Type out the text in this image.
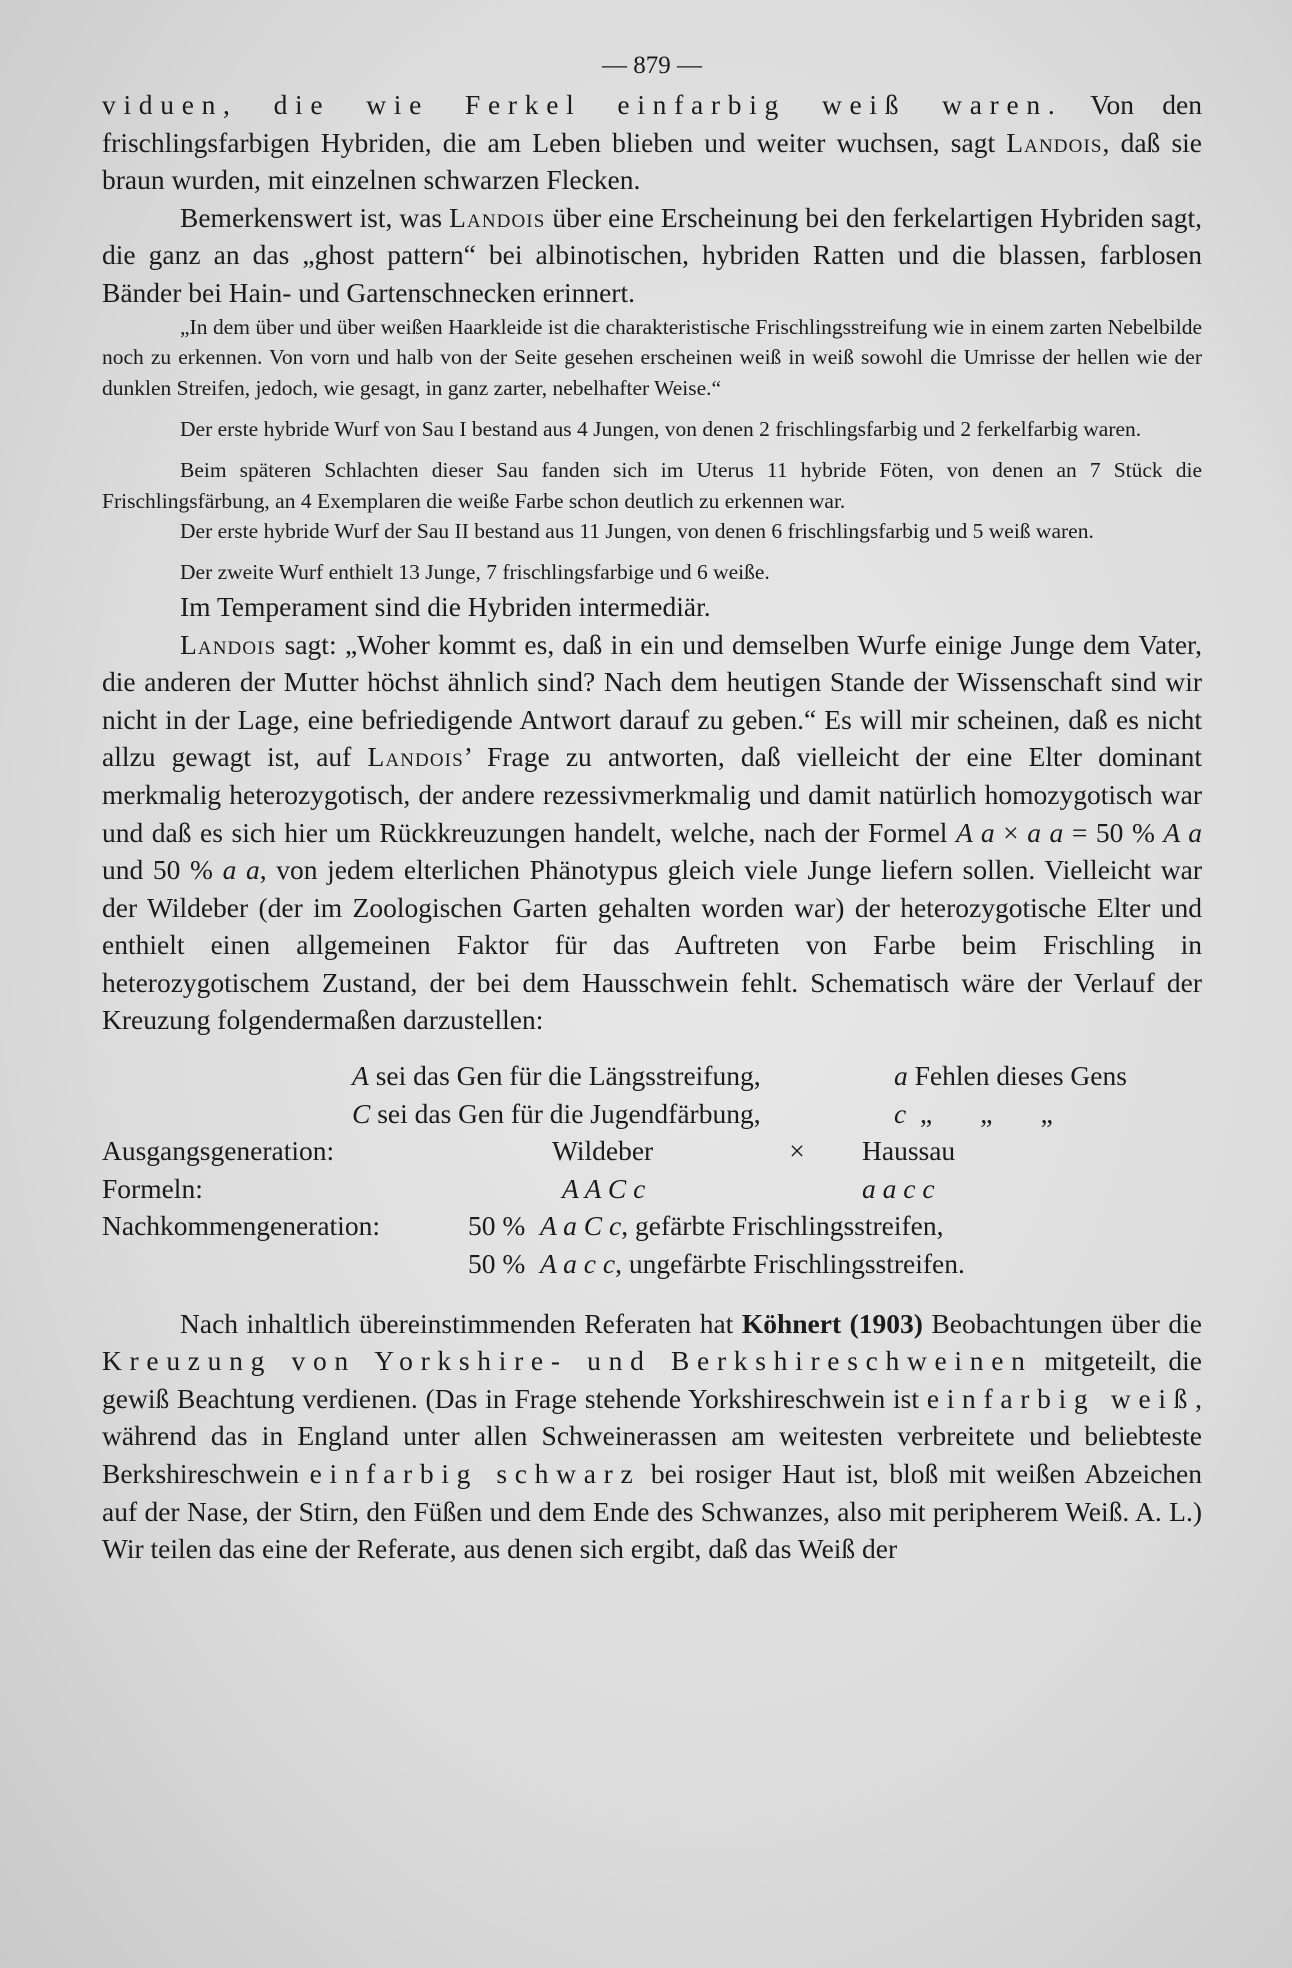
— 879 —

viduen, die wie Ferkel einfarbig weiß waren. Von den frischlingsfarbigen Hybriden, die am Leben blieben und weiter wuchsen, sagt Landois, daß sie braun wurden, mit einzelnen schwarzen Flecken.

Bemerkenswert ist, was Landois über eine Erscheinung bei den ferkelartigen Hybriden sagt, die ganz an das „ghost pattern“ bei albinotischen, hybriden Ratten und die blassen, farblosen Bänder bei Hain- und Gartenschnecken erinnert.

„In dem über und über weißen Haarkleide ist die charakteristische Frischlingsstreifung wie in einem zarten Nebelbilde noch zu erkennen. Von vorn und halb von der Seite gesehen erscheinen weiß in weiß sowohl die Umrisse der hellen wie der dunklen Streifen, jedoch, wie gesagt, in ganz zarter, nebelhafter Weise.“

Der erste hybride Wurf von Sau I bestand aus 4 Jungen, von denen 2 frischlingsfarbig und 2 ferkelfarbig waren.

Beim späteren Schlachten dieser Sau fanden sich im Uterus 11 hybride Föten, von denen an 7 Stück die Frischlingsfärbung, an 4 Exemplaren die weiße Farbe schon deutlich zu erkennen war.

Der erste hybride Wurf der Sau II bestand aus 11 Jungen, von denen 6 frischlingsfarbig und 5 weiß waren.

Der zweite Wurf enthielt 13 Junge, 7 frischlingsfarbige und 6 weiße.

Im Temperament sind die Hybriden intermediär.

Landois sagt: „Woher kommt es, daß in ein und demselben Wurfe einige Junge dem Vater, die anderen der Mutter höchst ähnlich sind? Nach dem heutigen Stande der Wissenschaft sind wir nicht in der Lage, eine befriedigende Antwort darauf zu geben.“ Es will mir scheinen, daß es nicht allzu gewagt ist, auf Landois’ Frage zu antworten, daß vielleicht der eine Elter dominant merkmalig heterozygotisch, der andere rezessivmerkmalig und damit natürlich homozygotisch war und daß es sich hier um Rückkreuzungen handelt, welche, nach der Formel A a × a a = 50 % A a und 50 % a a, von jedem elterlichen Phänotypus gleich viele Junge liefern sollen. Vielleicht war der Wildeber (der im Zoologischen Garten gehalten worden war) der heterozygotische Elter und enthielt einen allgemeinen Faktor für das Auftreten von Farbe beim Frischling in heterozygotischem Zustand, der bei dem Hausschwein fehlt. Schematisch wäre der Verlauf der Kreuzung folgendermaßen darzustellen:

A sei das Gen für die Längsstreifung,	a Fehlen dieses Gens
C sei das Gen für die Jugendfärbung,	c  „       „       „
Ausgangsgeneration:	Wildeber	×	Haussau
Formeln:	A A C c	a a c c
Nachkommengeneration:	50 % A a C c, gefärbte Frischlingsstreifen,
50 % A a c c, ungefärbte Frischlingsstreifen.

Nach inhaltlich übereinstimmenden Referaten hat Köhnert (1903) Beobachtungen über die Kreuzung von Yorkshire- und Berkshireschweinen mitgeteilt, die gewiß Beachtung verdienen. (Das in Frage stehende Yorkshireschwein ist einfarbig weiß, während das in England unter allen Schweinerassen am weitesten verbreitete und beliebteste Berkshireschwein einfarbig schwarz bei rosiger Haut ist, bloß mit weißen Abzeichen auf der Nase, der Stirn, den Füßen und dem Ende des Schwanzes, also mit peripherem Weiß. A. L.) Wir teilen das eine der Referate, aus denen sich ergibt, daß das Weiß der
